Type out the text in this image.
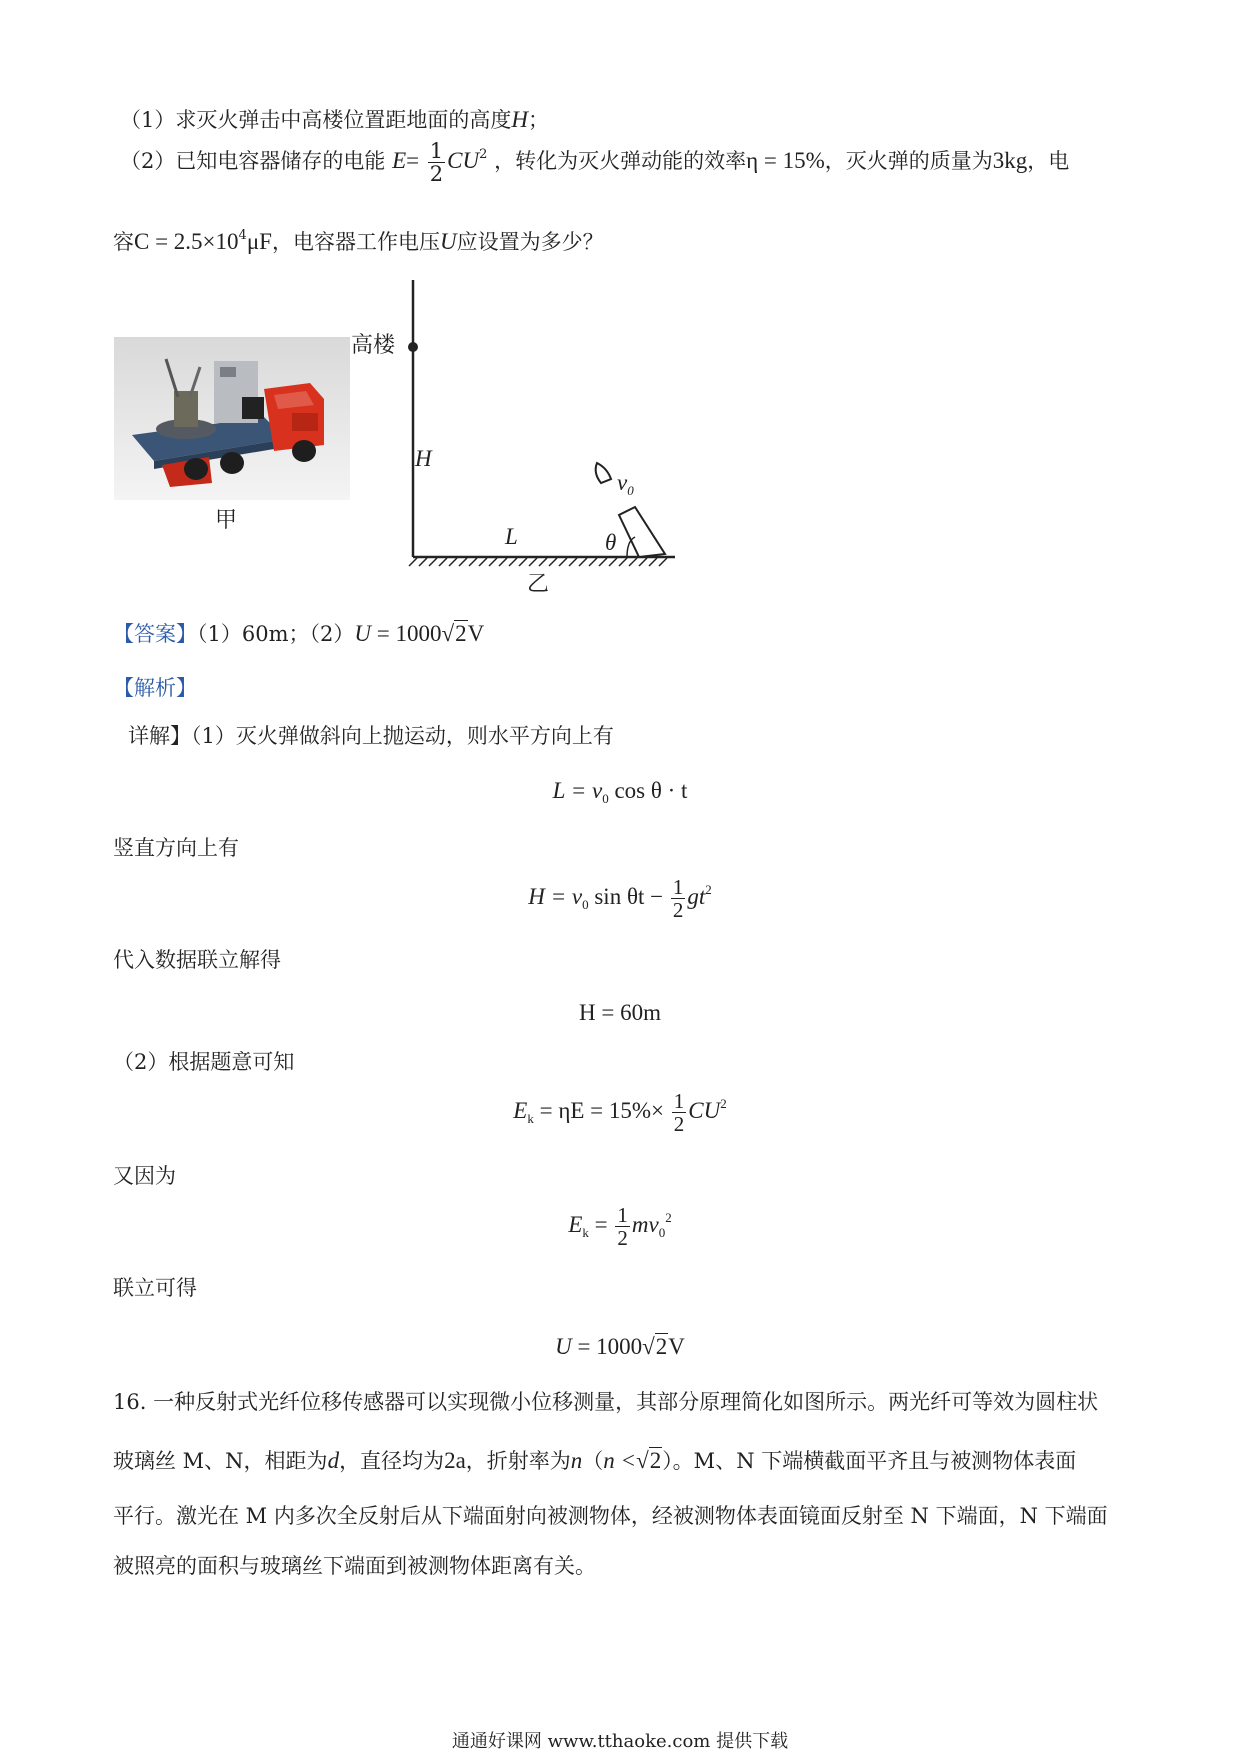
（1）求灭火弹击中高楼位置距地面的高度H；
（2）已知电容器储存的电能 $E= \frac{1}{2} CU^2$ ，转化为灭火弹动能的效率η = 15%，灭火弹的质量为3kg，电
容$C = 2.5\times 10^4\mu F$，电容器工作电压U应设置为多少？
甲
高楼
H
L	θ
$v_0$
乙
【答案】（1）60m；（2）U = 1000√2V
【解析】
详解】（1）灭火弹做斜向上抛运动，则水平方向上有
$L = v_0$ cos θ · t
竖直方向上有
$H = v_0$ $\sin \theta t - \frac{1}{2} gt^2$
代入数据联立解得
H = 60m
（2）根据题意可知
$E_k = \eta E = 15\%\times \frac{1}{2} CU^2$
又因为
$E_k = \frac{1}{2} mv_0^2$
联立可得
U = 1000√2V
16. 一种反射式光纤位移传感器可以实现微小位移测量，其部分原理简化如图所示。两光纤可等效为圆柱状
玻璃丝 M、N，相距为d，直径均为2a，折射率为n（n <√2）。M、N 下端横截面平齐且与被测物体表面
平行。激光在 M 内多次全反射后从下端面射向被测物体，经被测物体表面镜面反射至 N 下端面，N 下端面
被照亮的面积与玻璃丝下端面到被测物体距离有关。
通通好课网 www.tthaoke.com 提供下载
